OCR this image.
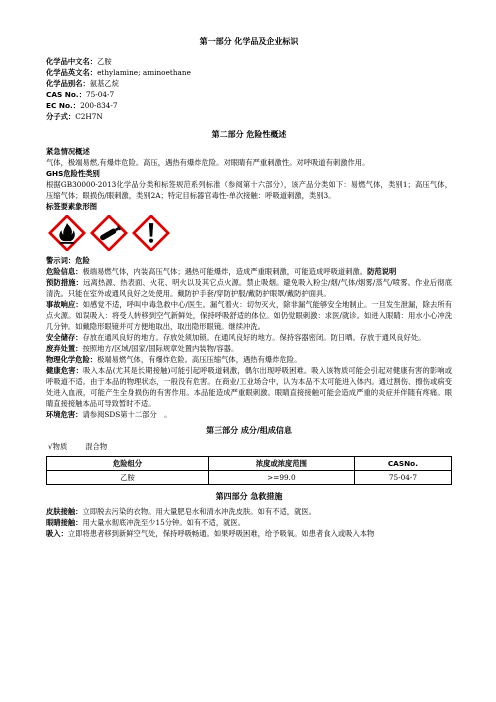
第一部分 化学品及企业标识

化学品中文名：乙胺

化学品英文名：ethylamine; aminoethane

化学品别名：氨基乙烷

CAS No.：75-04-7

EC No.：200-834-7

分子式：C2H7N

第二部分 危险性概述

紧急情况概述

气体，极端易燃,有爆炸危险。高压，遇热有爆炸危险。对眼睛有严重刺激性。对呼吸道有刺激作用。

GHS危险性类别

根据GB30000-2013化学品分类和标签规范系列标准（参阅第十六部分），该产品分类如下：易燃气体，类别1；高压气体，压缩气体；眼损伤/眼刺激，类别2A；特定目标器官毒性-单次接触：呼吸道刺激，类别3。

标签要素象形图

警示词：危险

危险信息：极端易燃气体，内装高压气体；遇热可能爆炸，造成严重眼刺激，可能造成呼吸道刺激。防范说明

预防措施：远离热源、热表面、火花、明火以及其它点火源。禁止吸烟。避免吸入粉尘/烟/气体/烟雾/蒸气/喷雾。作业后彻底清洗。只能在室外或通风良好之处使用。戴防护手套/穿防护服/戴防护眼罩/戴防护面具。

事故响应：如感觉不适，呼叫中毒急救中心/医生。漏气着火：切勿灭火，除非漏气能够安全地制止。一旦发生泄漏，除去所有点火源。如误吸入：将受人转移到空气新鲜处，保持呼吸舒适的体位。如仍觉眼刺激：求医/就诊。如进入眼睛：用水小心冲洗几分钟。如戴隐形眼镜并可方便地取出，取出隐形眼镜。继续冲洗。

安全储存：存放在通风良好的地方。存放处须加锁。在通风良好的地方。保持容器密闭。防日晒。存放于通风良好处。

废弃处置：按照地方/区域/国家/国际规章处置内装物/容器。

物理化学危险：极端易燃气体，有爆炸危险。高压压缩气体，遇热有爆炸危险。

健康危害：吸入本品(尤其是长期接触)可能引起呼吸道刺激，偶尔出现呼吸困难。吸入该物质可能会引起对健康有害的影响或呼吸道不适。由于本品的物理状态，一般没有危害。在商业/工业场合中，认为本品不太可能进入体内。通过割伤、擦伤或病变处进入血液，可能产生全身损伤的有害作用。本品能造成严重眼刺激。眼睛直接接触可能会造成严重的炎症并伴随有疼痛。眼睛直接接触本品可导致暂时不适。

环境危害：请参阅SDS第十二部分　。

第三部分 成分/组成信息

√物质 混合物
危险组分	浓度或浓度范围	CASNo.
乙胺	>=99.0	75-04-7

第四部分 急救措施

皮肤接触：立即脱去污染的衣物。用大量肥皂水和清水冲洗皮肤。如有不适，就医。

眼睛接触：用大量水彻底冲洗至少15分钟。如有不适，就医。

吸入：立即将患者移到新鲜空气处，保持呼吸畅通。如果呼吸困难，给予吸氧。如患者食入或吸入本物
